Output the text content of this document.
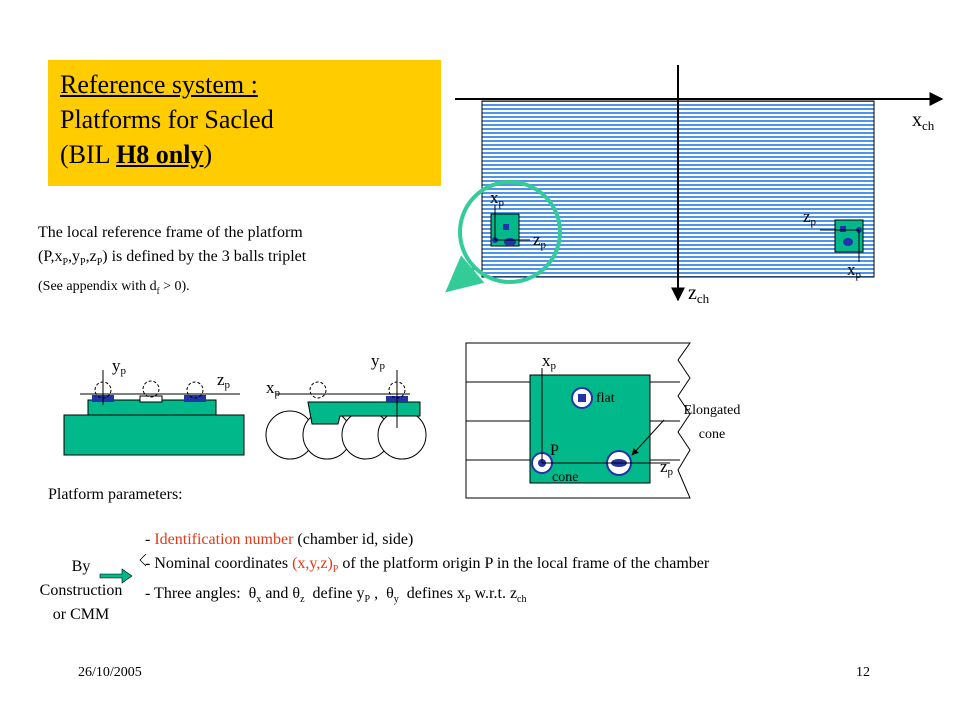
Reference system :
Platforms for Sacled
(BIL H8 only)
The local reference frame of the platform
$(P,x_P,y_P,z_P)$ is defined by the 3 balls triplet
(See appendix with $d_f > 0$).
$x_{ch}$
$z_{ch}$
xp
zp
zp
xp
yp	zp
yp
xp
xp
zp
flat
P
cone
Elongated
cone
Platform parameters:
- Identification number (chamber id, side)
- Nominal coordinates $(x,y,z)_P$ of the platform origin P in the local frame of the chamber
- Three angles:  $\theta_x$ and $\theta_z$  define $y_P$ ,  $\theta_y$  defines $x_P$ w.r.t. $z_{ch}$
By
Construction
or CMM
26/10/2005	12
